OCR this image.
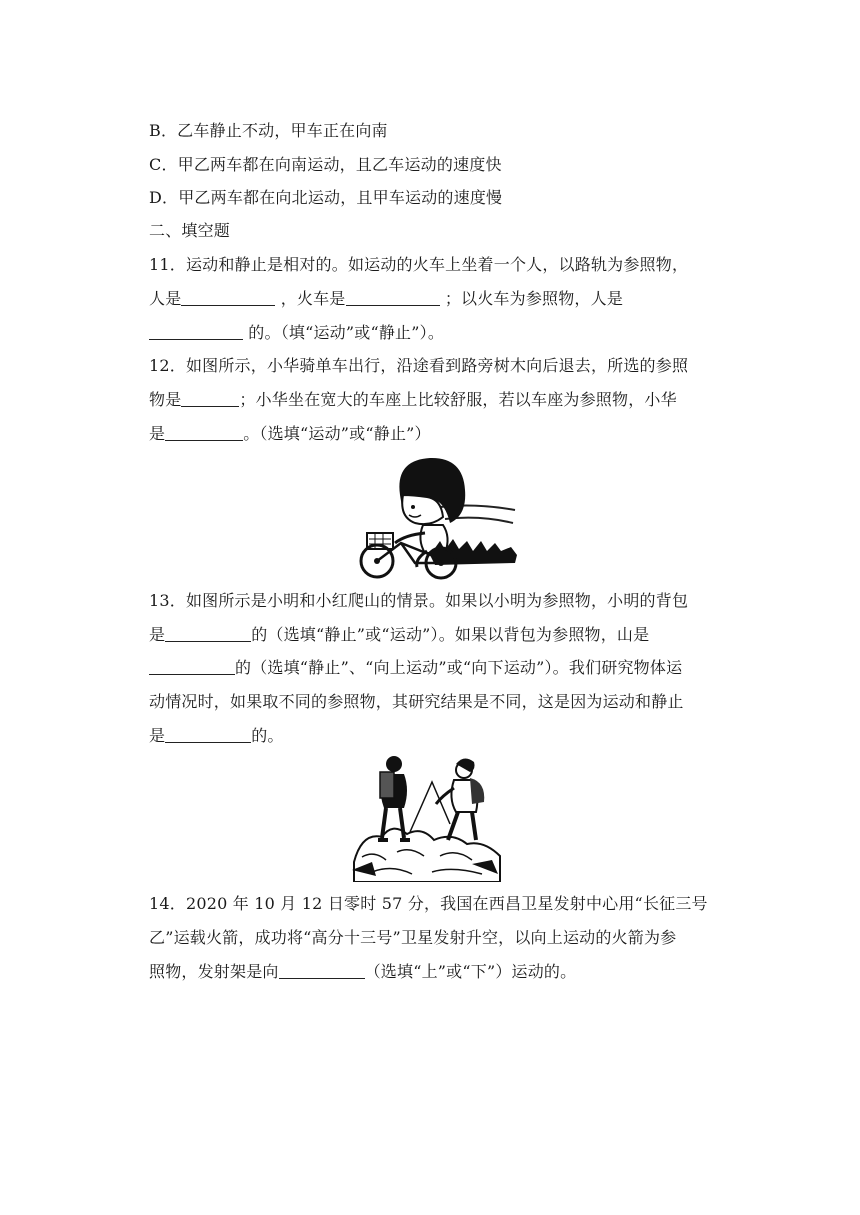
B．乙车静止不动，甲车正在向南
C．甲乙两车都在向南运动，且乙车运动的速度快
D．甲乙两车都在向北运动，且甲车运动的速度慢
二、填空题
11．运动和静止是相对的。如运动的火车上坐着一个人，以路轨为参照物，
人是	，火车是	；以火车为参照物，人是
的。（填“运动”或“静止”）。
12．如图所示，小华骑单车出行，沿途看到路旁树木向后退去，所选的参照
物是	；小华坐在宽大的车座上比较舒服，若以车座为参照物，小华
是	。（选填“运动”或“静止”）
13．如图所示是小明和小红爬山的情景。如果以小明为参照物，小明的背包
是	的（选填“静止”或“运动”）。如果以背包为参照物，山是
的（选填“静止”、“向上运动”或“向下运动”）。我们研究物体运
动情况时，如果取不同的参照物，其研究结果是不同，这是因为运动和静止
是	的。
14．2020 年 10 月 12 日零时 57 分，我国在西昌卫星发射中心用“长征三号
乙”运载火箭，成功将“高分十三号”卫星发射升空，以向上运动的火箭为参
照物，发射架是向	（选填“上”或“下”）运动的。
